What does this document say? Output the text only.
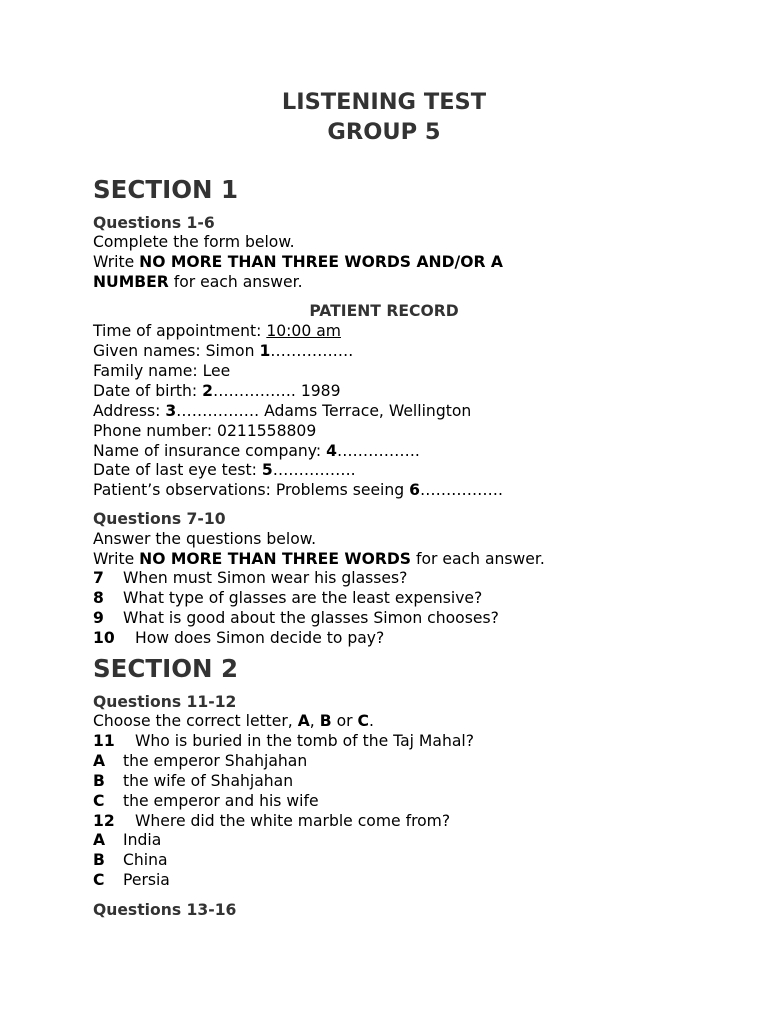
LISTENING TEST
GROUP 5
SECTION 1
Questions 1-6
Complete the form below.
Write NO MORE THAN THREE WORDS AND/OR A
NUMBER for each answer.
PATIENT RECORD
Time of appointment: 10:00 am
Given names: Simon 1…………….
Family name: Lee
Date of birth: 2……………. 1989
Address: 3……………. Adams Terrace, Wellington
Phone number: 0211558809
Name of insurance company: 4…………….
Date of last eye test: 5…………….
Patient’s observations: Problems seeing 6…………….
Questions 7-10
Answer the questions below.
Write NO MORE THAN THREE WORDS for each answer.
7 When must Simon wear his glasses?
8 What type of glasses are the least expensive?
9 What is good about the glasses Simon chooses?
10 How does Simon decide to pay?
SECTION 2
Questions 11-12
Choose the correct letter, A, B or C.
11 Who is buried in the tomb of the Taj Mahal?
A the emperor Shahjahan
B the wife of Shahjahan
C the emperor and his wife
12 Where did the white marble come from?
A India
B China
C Persia
Questions 13-16
